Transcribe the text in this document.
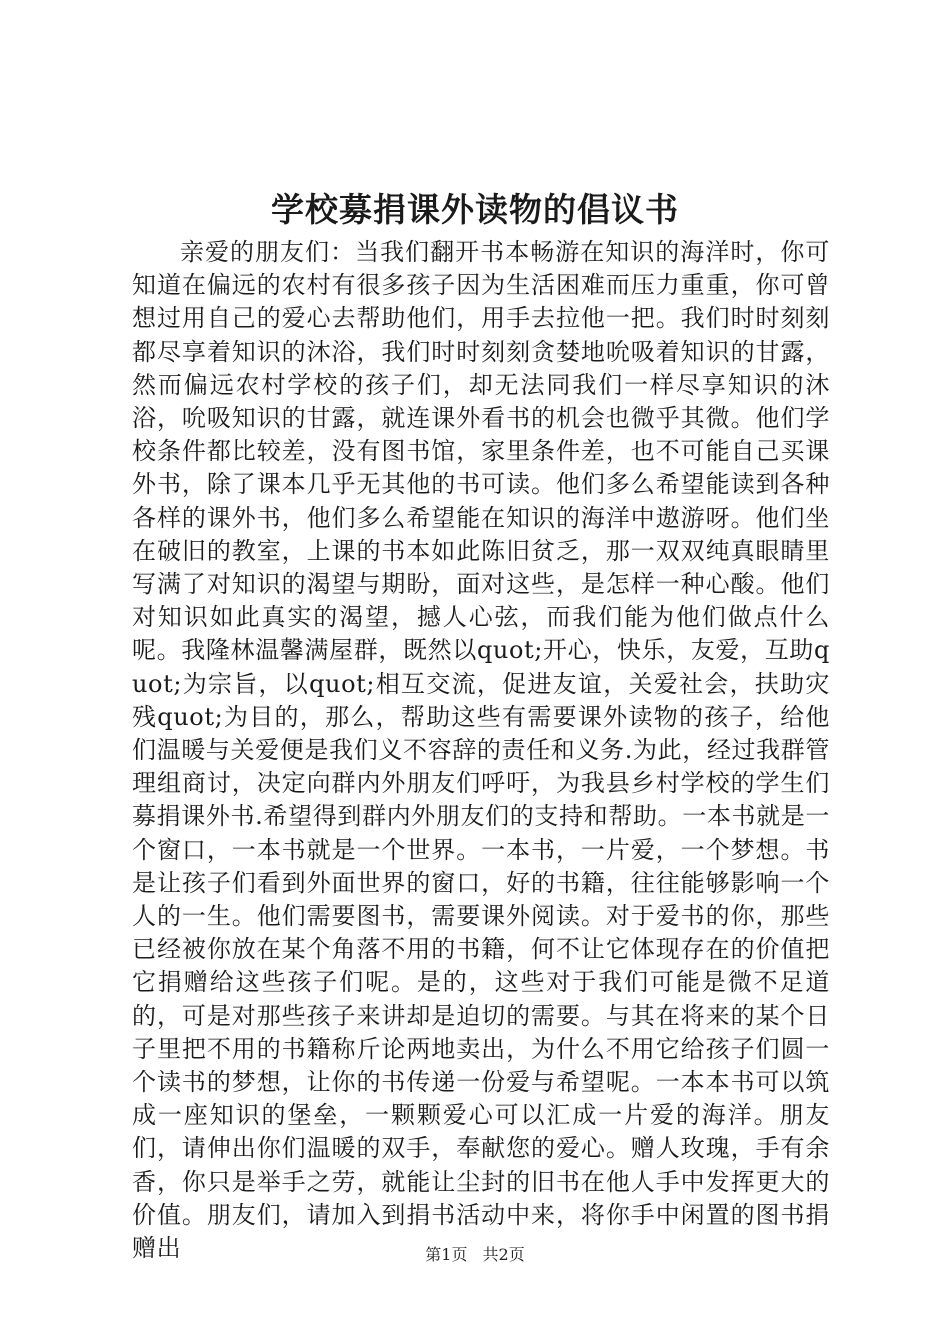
学校募捐课外读物的倡议书

亲爱的朋友们：当我们翻开书本畅游在知识的海洋时，你可知道在偏远的农村有很多孩子因为生活困难而压力重重，你可曾想过用自己的爱心去帮助他们，用手去拉他一把。我们时时刻刻都尽享着知识的沐浴，我们时时刻刻贪婪地吮吸着知识的甘露，然而偏远农村学校的孩子们，却无法同我们一样尽享知识的沐浴，吮吸知识的甘露，就连课外看书的机会也微乎其微。他们学校条件都比较差，没有图书馆，家里条件差，也不可能自己买课外书，除了课本几乎无其他的书可读。他们多么希望能读到各种各样的课外书，他们多么希望能在知识的海洋中遨游呀。他们坐在破旧的教室，上课的书本如此陈旧贫乏，那一双双纯真眼睛里写满了对知识的渴望与期盼，面对这些，是怎样一种心酸。他们对知识如此真实的渴望，撼人心弦，而我们能为他们做点什么呢。我隆林温馨满屋群，既然以quot;开心，快乐，友爱，互助quot;为宗旨，以quot;相互交流，促进友谊，关爱社会，扶助灾残quot;为目的，那么，帮助这些有需要课外读物的孩子，给他们温暖与关爱便是我们义不容辞的责任和义务.为此，经过我群管理组商讨，决定向群内外朋友们呼吁，为我县乡村学校的学生们募捐课外书.希望得到群内外朋友们的支持和帮助。一本书就是一个窗口，一本书就是一个世界。一本书，一片爱，一个梦想。书是让孩子们看到外面世界的窗口，好的书籍，往往能够影响一个人的一生。他们需要图书，需要课外阅读。对于爱书的你，那些已经被你放在某个角落不用的书籍，何不让它体现存在的价值把它捐赠给这些孩子们呢。是的，这些对于我们可能是微不足道的，可是对那些孩子来讲却是迫切的需要。与其在将来的某个日子里把不用的书籍称斤论两地卖出，为什么不用它给孩子们圆一个读书的梦想，让你的书传递一份爱与希望呢。一本本书可以筑成一座知识的堡垒，一颗颗爱心可以汇成一片爱的海洋。朋友们，请伸出你们温暖的双手，奉献您的爱心。赠人玫瑰，手有余香，你只是举手之劳，就能让尘封的旧书在他人手中发挥更大的价值。朋友们，请加入到捐书活动中来，将你手中闲置的图书捐赠出	第1页 共2页
